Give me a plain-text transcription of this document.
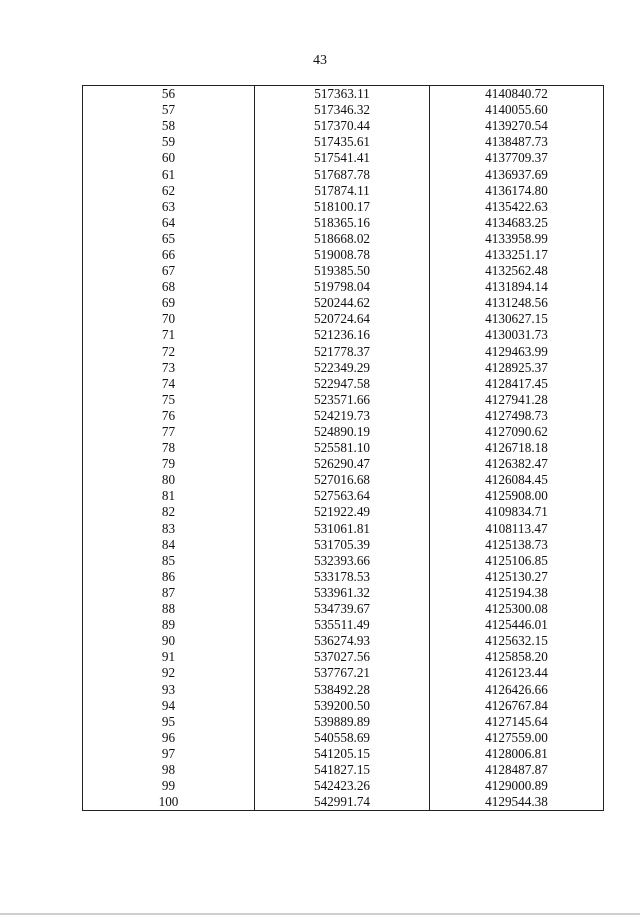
43
56	517363.11	4140840.72
57	517346.32	4140055.60
58	517370.44	4139270.54
59	517435.61	4138487.73
60	517541.41	4137709.37
61	517687.78	4136937.69
62	517874.11	4136174.80
63	518100.17	4135422.63
64	518365.16	4134683.25
65	518668.02	4133958.99
66	519008.78	4133251.17
67	519385.50	4132562.48
68	519798.04	4131894.14
69	520244.62	4131248.56
70	520724.64	4130627.15
71	521236.16	4130031.73
72	521778.37	4129463.99
73	522349.29	4128925.37
74	522947.58	4128417.45
75	523571.66	4127941.28
76	524219.73	4127498.73
77	524890.19	4127090.62
78	525581.10	4126718.18
79	526290.47	4126382.47
80	527016.68	4126084.45
81	527563.64	4125908.00
82	521922.49	4109834.71
83	531061.81	4108113.47
84	531705.39	4125138.73
85	532393.66	4125106.85
86	533178.53	4125130.27
87	533961.32	4125194.38
88	534739.67	4125300.08
89	535511.49	4125446.01
90	536274.93	4125632.15
91	537027.56	4125858.20
92	537767.21	4126123.44
93	538492.28	4126426.66
94	539200.50	4126767.84
95	539889.89	4127145.64
96	540558.69	4127559.00
97	541205.15	4128006.81
98	541827.15	4128487.87
99	542423.26	4129000.89
100	542991.74	4129544.38
